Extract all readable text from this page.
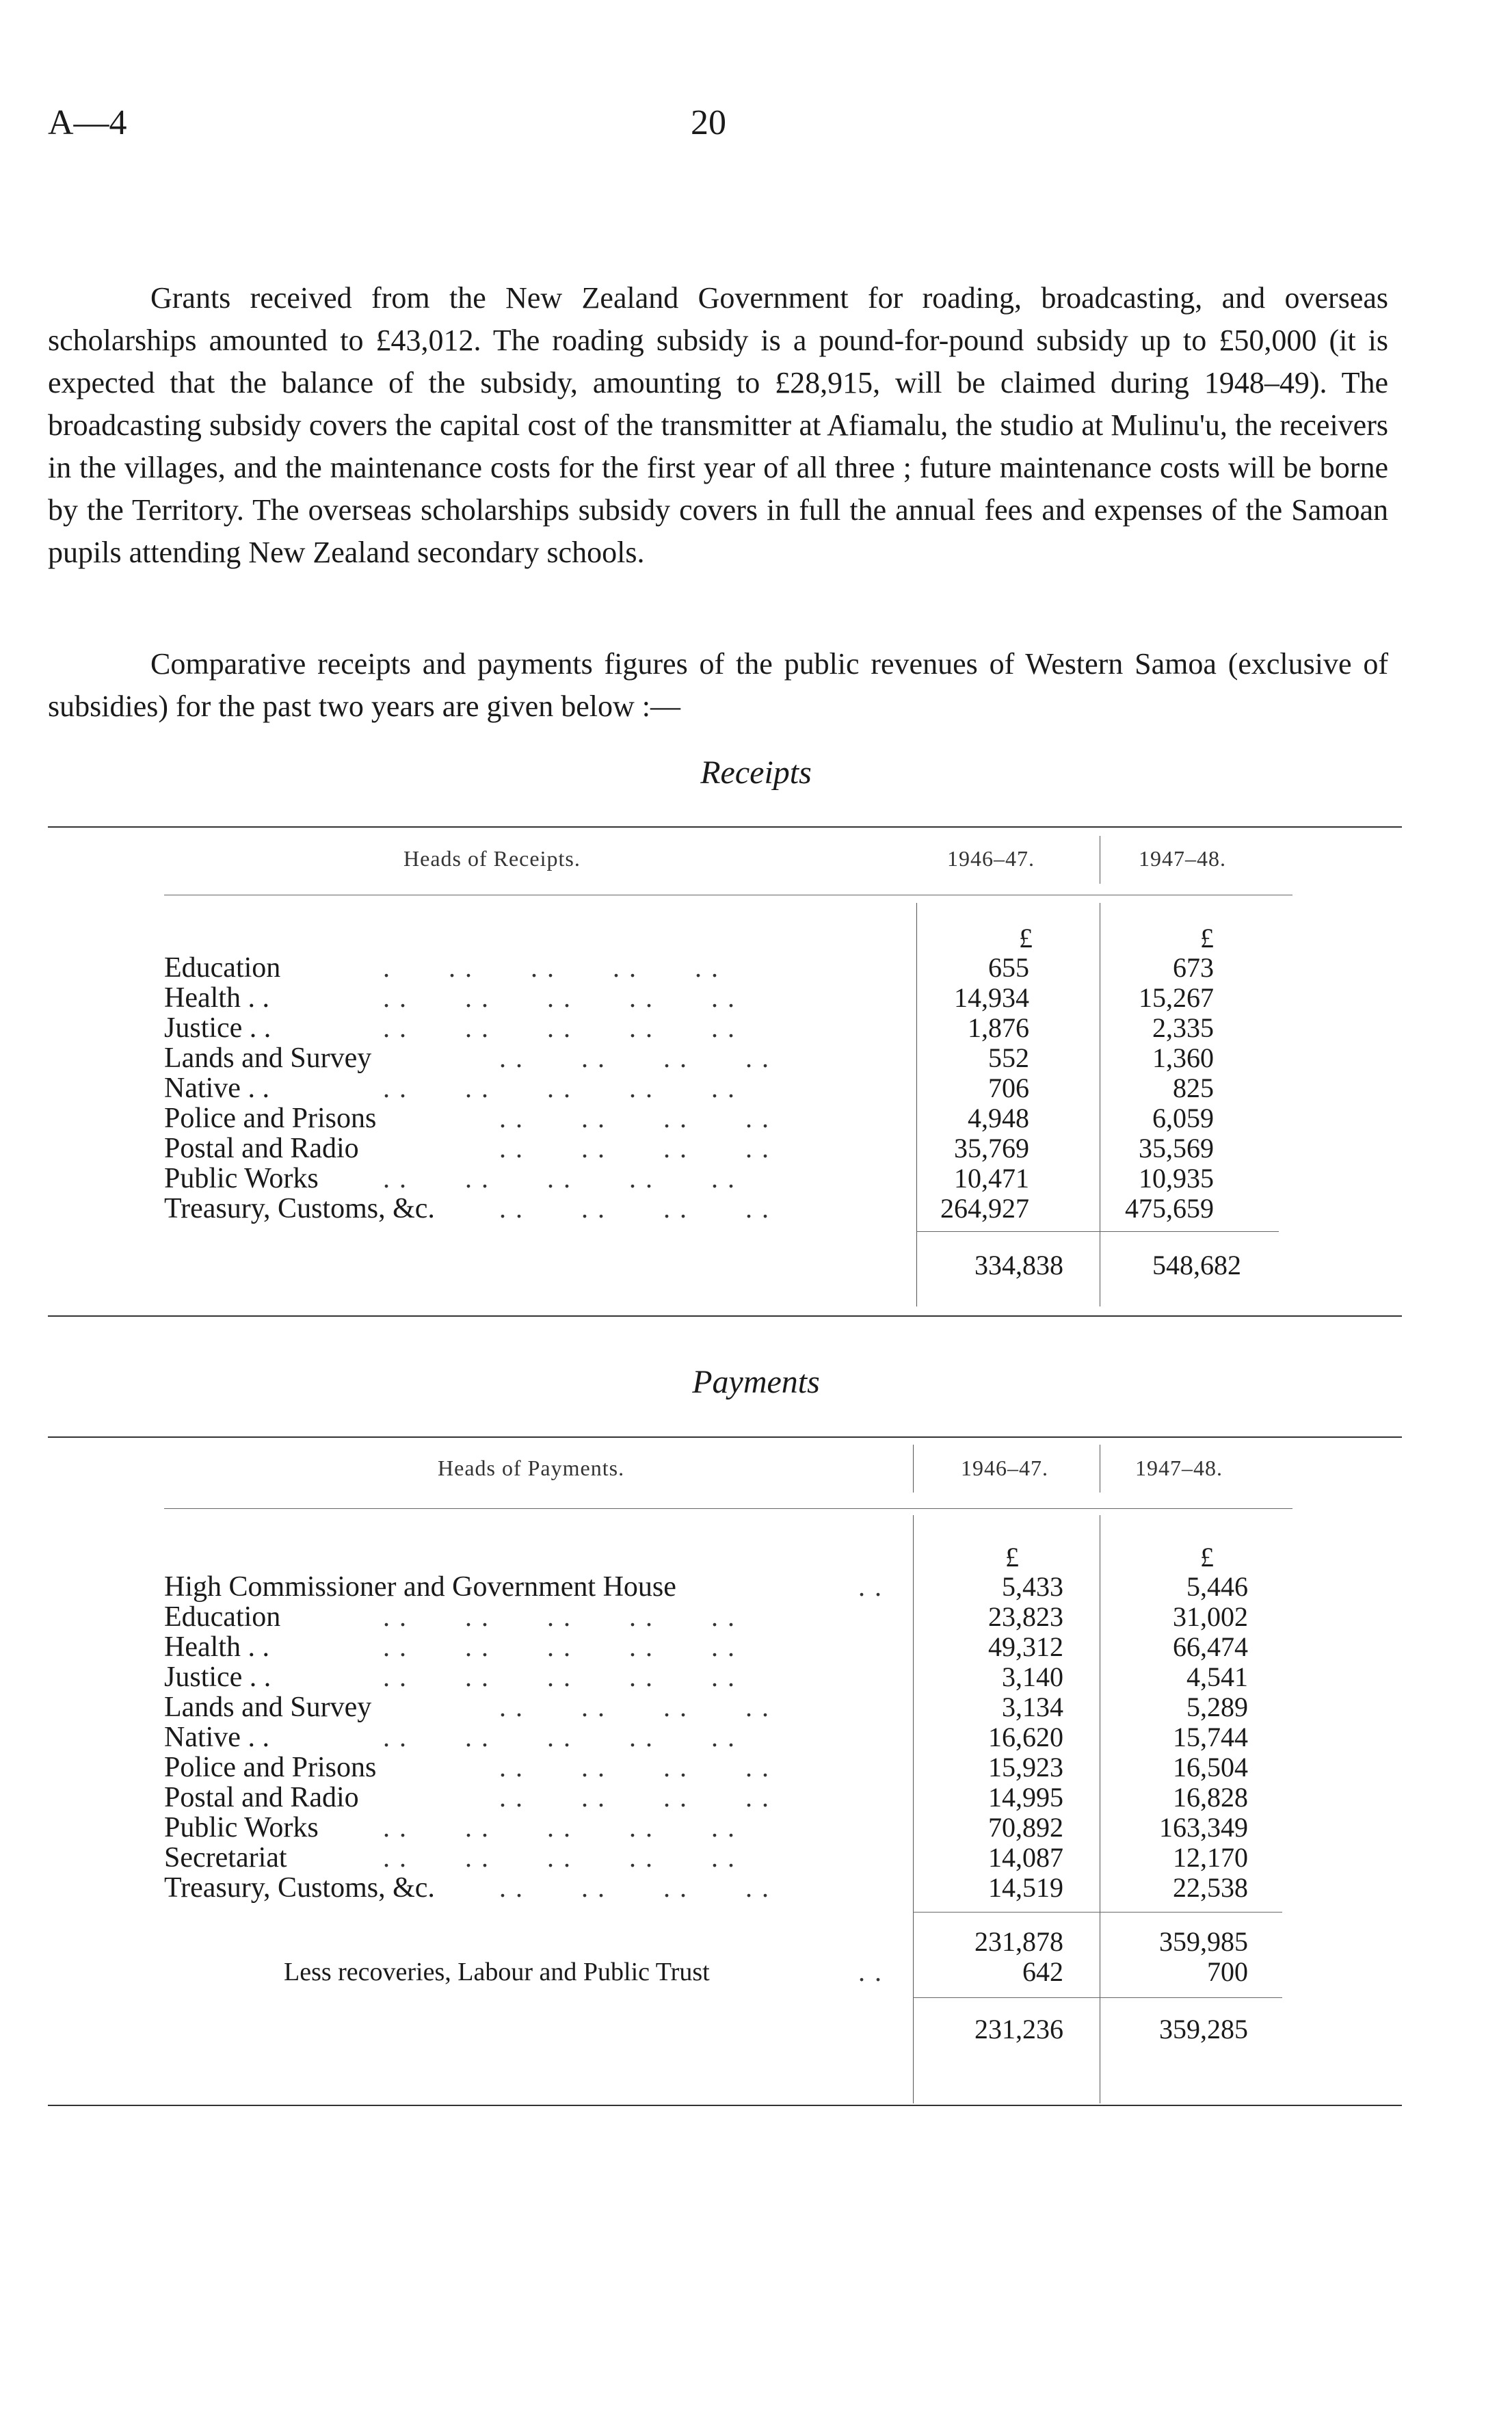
A—4	20

Grants received from the New Zealand Government for roading, broadcasting, and overseas scholarships amounted to £43,012. The roading subsidy is a pound-for-pound subsidy up to £50,000 (it is expected that the balance of the subsidy, amounting to £28,915, will be claimed during 1948–49). The broadcasting subsidy covers the capital cost of the transmitter at Afiamalu, the studio at Mulinu'u, the receivers in the villages, and the maintenance costs for the first year of all three ; future maintenance costs will be borne by the Territory. The overseas scholarships subsidy covers in full the annual fees and expenses of the Samoan pupils attending New Zealand secondary schools.

Comparative receipts and payments figures of the public revenues of Western Samoa (exclusive of subsidies) for the past two years are given below :—

Receipts
Heads of Receipts.	1946–47.	1947–48.
£	£
Education	.       . .       . .       . .       . .	655	673
Health . .	. .       . .       . .       . .       . .	14,934	15,267
Justice . .	. .       . .       . .       . .       . .	1,876	2,335
Lands and Survey	. .       . .       . .       . .	552	1,360
Native . .	. .       . .       . .       . .       . .	706	825
Police and Prisons	. .       . .       . .       . .	4,948	6,059
Postal and Radio	. .       . .       . .       . .	35,769	35,569
Public Works . .       . .       . .       . .       . .	10,471	10,935
Treasury, Customs, &c. . .       . .       . .       . .	264,927	475,659
334,838	548,682
Payments
Heads of Payments.	1946–47.	1947–48.
£	£
High Commissioner and Government House	. .	5,433	5,446
Education	. .       . .       . .       . .       . .	23,823	31,002
Health . .	. .       . .       . .       . .       . .	49,312	66,474
Justice . .	. .       . .       . .       . .       . .	3,140	4,541
Lands and Survey	. .       . .       . .       . .	3,134	5,289
Native . .	. .       . .       . .       . .       . .	16,620	15,744
Police and Prisons	. .       . .       . .       . .	15,923	16,504
Postal and Radio	. .       . .       . .       . .	14,995	16,828
Public Works . .       . .       . .       . .       . .	70,892	163,349
Secretariat	. .       . .       . .       . .       . .	14,087	12,170
Treasury, Customs, &c. . .       . .       . .       . .	14,519	22,538
231,878	359,985
Less recoveries, Labour and Public Trust	. .	642	700
231,236	359,285
